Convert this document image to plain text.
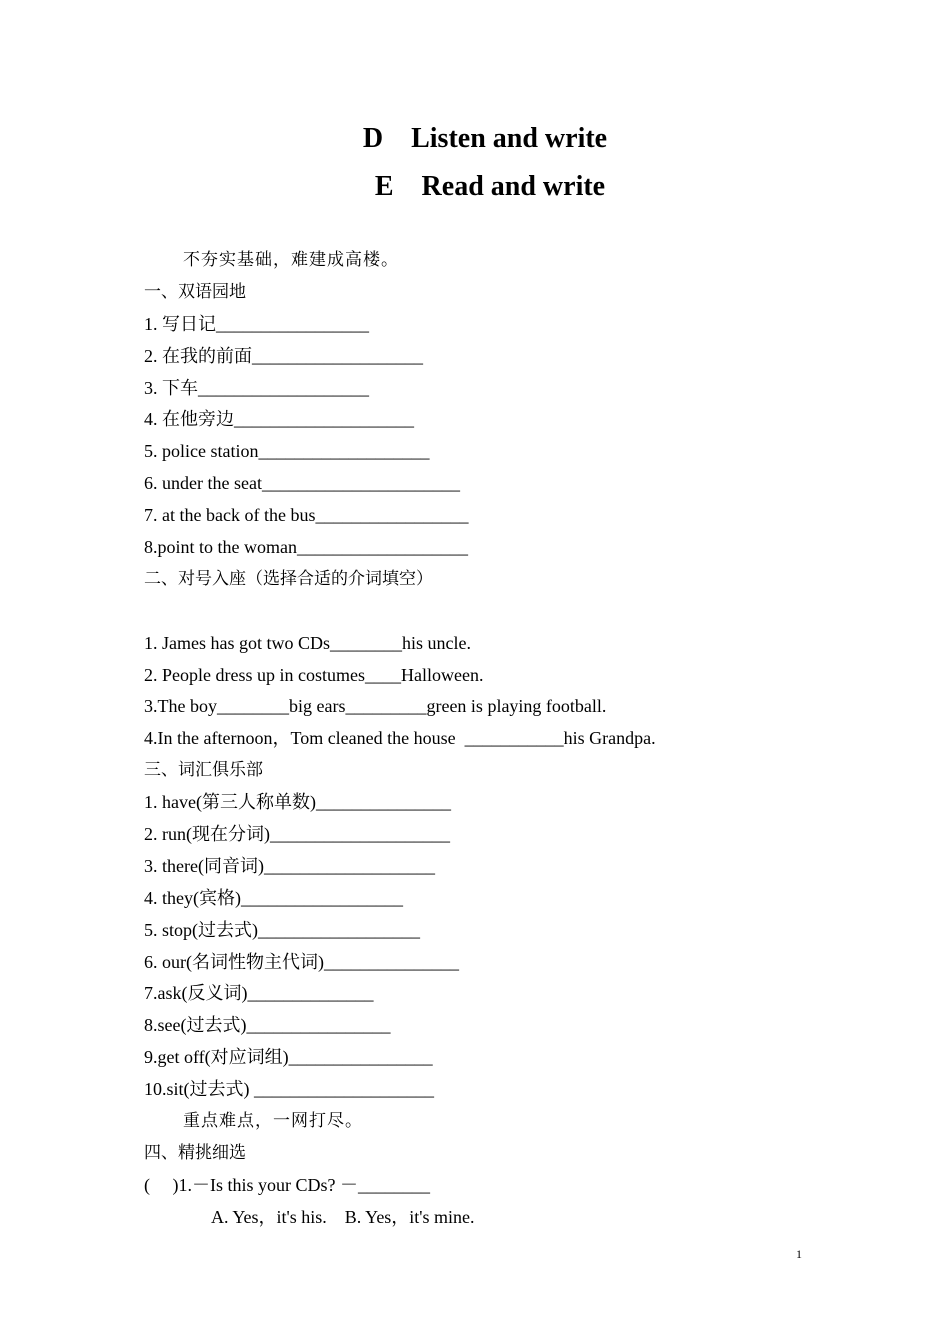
D    Listen and write
E    Read and write
不夯实基础，难建成高楼。
一、双语园地
1. 写日记_________________
2. 在我的前面___________________
3. 下车___________________
4. 在他旁边____________________
5. police station___________________
6. under the seat______________________
7. at the back of the bus_________________
8.point to the woman___________________
二、对号入座（选择合适的介词填空）
1. James has got two CDs________his uncle.
2. People dress up in costumes____Halloween.
3.The boy________big ears_________green is playing football.
4.In the afternoon，Tom cleaned the house  ___________his Grandpa.
三、词汇俱乐部
1. have(第三人称单数)_______________
2. run(现在分词)____________________
3. there(同音词)___________________
4. they(宾格)__________________
5. stop(过去式)__________________
6. our(名词性物主代词)_______________
7.ask(反义词)______________
8.see(过去式)________________
9.get off(对应词组)________________
10.sit(过去式) ____________________
重点难点，一网打尽。
四、精挑细选
(     )1.－Is this your CDs? －________
A. Yes，it's his.    B. Yes，it's mine.
1
